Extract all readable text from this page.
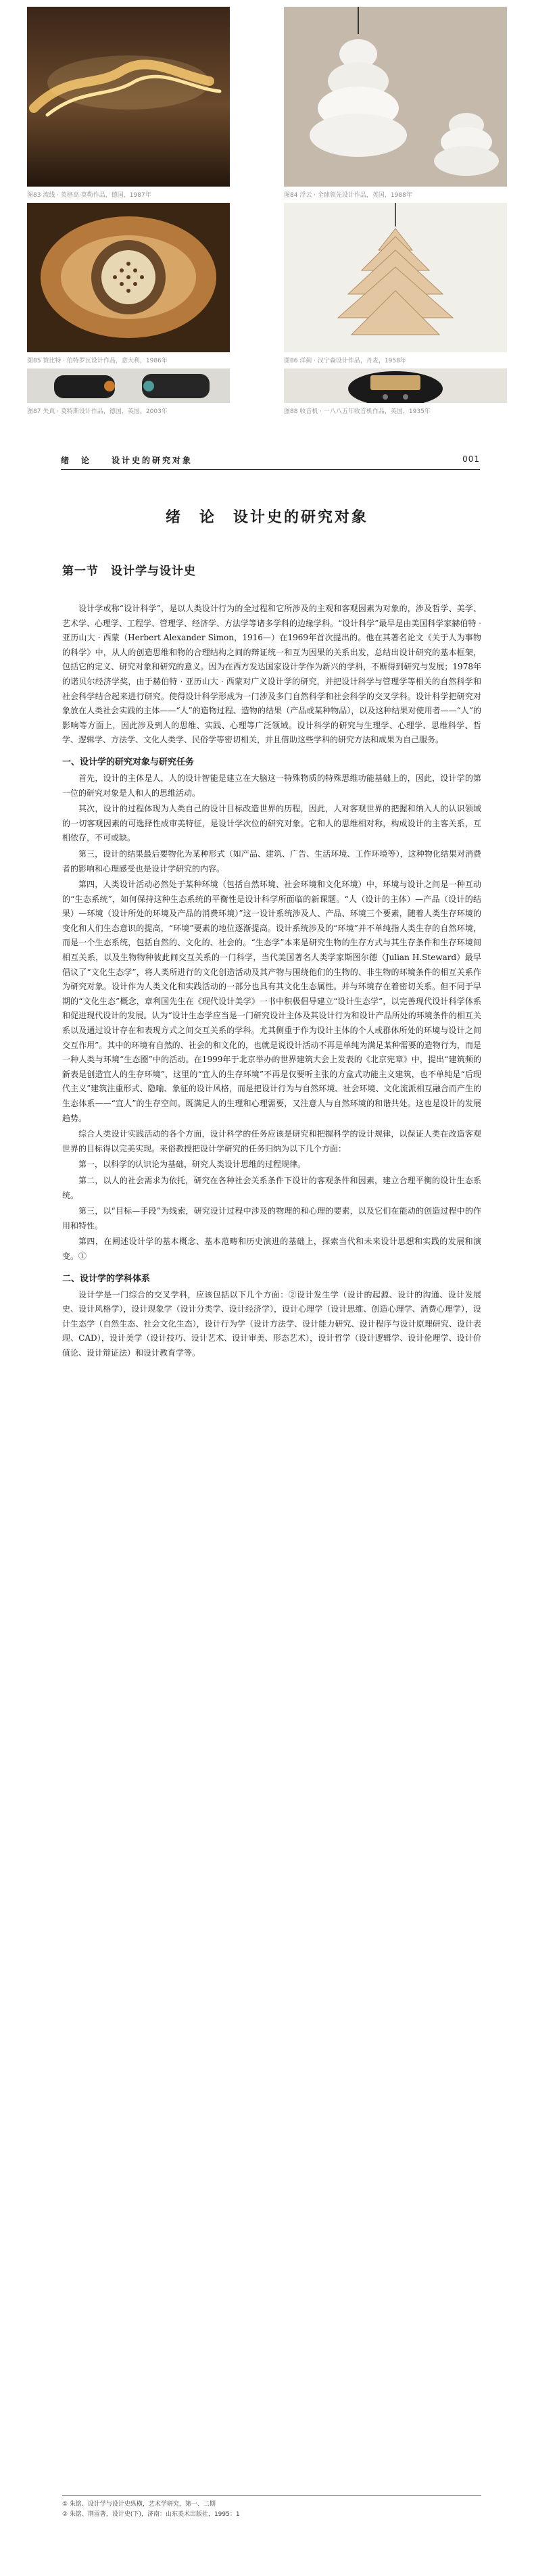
图83 流线 · 英格高·莫勒作品，德国，1987年	图84 浮云 · 全球领先设计作品，英国，1988年
图85 赞比特 · 伯特罗瓦设计作品，意大利，1986年	图86 洋蓟 · 汉宁森设计作品，丹麦，1958年
图87 失真 · 莫特斯设计作品，德国，英国，2003年	图88 收音机 · 一八八五年收音机作品，英国，1935年
绪　论　　设计史的研究对象	001
绪　论　设计史的研究对象
第一节　设计学与设计史

设计学或称“设计科学”，是以人类设计行为的全过程和它所涉及的主观和客观因素为对象的，涉及哲学、美学、艺术学、心理学、工程学、管理学、经济学、方法学等诸多学科的边缘学科。“设计科学”最早是由美国科学家赫伯特 · 亚历山大 · 西蒙（Herbert Alexander Simon，1916—）在1969年首次提出的。他在其著名论文《关于人为事物的科学》中，从人的创造思维和物的合理结构之间的辩证统一和互为因果的关系出发，总结出设计研究的基本框架，包括它的定义、研究对象和研究的意义。因为在西方发达国家设计学作为新兴的学科，不断得到研究与发展；1978年的诺贝尔经济学奖，由于赫伯特 · 亚历山大 · 西蒙对广义设计学的研究，并把设计科学与管理学等相关的自然科学和社会科学结合起来进行研究。使得设计科学形成为一门涉及多门自然科学和社会科学的交叉学科。设计科学把研究对象放在人类社会实践的主体——“人”的造物过程、造物的结果（产品或某种物品），以及这种结果对使用者——“人”的影响等方面上，因此涉及到人的思维、实践、心理等广泛领域。设计科学的研究与生理学、心理学、思维科学、哲学、逻辑学、方法学、文化人类学、民俗学等密切相关，并且借助这些学科的研究方法和成果为自己服务。

一、设计学的研究对象与研究任务

首先，设计的主体是人，人的设计智能是建立在大脑这一特殊物质的特殊思维功能基础上的，因此，设计学的第一位的研究对象是人和人的思维活动。

其次，设计的过程体现为人类自己的设计目标改造世界的历程，因此，人对客观世界的把握和纳入人的认识领域的一切客观因素的可选择性成审美特征，是设计学次位的研究对象。它和人的思维相对称，构成设计的主客关系，互相依存，不可或缺。

第三，设计的结果最后要物化为某种形式（如产品、建筑、广告、生活环境、工作环境等），这种物化结果对消费者的影响和心理感受也是设计学研究的内容。

第四，人类设计活动必然处于某种环境（包括自然环境、社会环境和文化环境）中，环境与设计之间是一种互动的“生态系统”，如何保持这种生态系统的平衡性是设计科学所面临的新课题。“人（设计的主体）—产品（设计的结果）—环境（设计所处的环境及产品的消费环境）”这一设计系统涉及人、产品、环境三个要素，随着人类生存环境的变化和人们生态意识的提高，“环境”要素的地位逐渐提高。设计系统涉及的“环境”并不单纯指人类生存的自然环境，而是一个生态系统，包括自然的、文化的、社会的。“生态学”本来是研究生物的生存方式与其生存条件和生存环境间相互关系，以及生物物种彼此间交互关系的一门科学，当代美国著名人类学家斯图尔德（Julian H.Steward）最早倡议了“文化生态学”，将人类所进行的文化创造活动及其产物与围绕他们的生物的、非生物的环境条件的相互关系作为研究对象。设计作为人类文化和实践活动的一部分也具有其文化生态属性。并与环境存在着密切关系。但不同于早期的“文化生态”概念，章利国先生在《现代设计美学》一书中积极倡导建立“设计生态学”，以完善现代设计科学体系和促进现代设计的发展。认为“设计生态学应当是一门研究设计主体及其设计行为和设计产品所处的环境条件的相互关系以及通过设计存在和表现方式之间交互关系的学科。尤其侧重于作为设计主体的个人或群体所处的环境与设计之间交互作用”。其中的环境有自然的、社会的和文化的，也就是说设计活动不再是单纯为满足某种需要的造物行为，而是一种人类与环境“生态圈”中的活动。在1999年于北京举办的世界建筑大会上发表的《北京宪章》中，提出“建筑频的新表是创造宜人的生存环境”，这里的“宜人的生存环境”不再是仅要听主张的方盒式功能主义建筑，也不单纯是“后现代主义”建筑注重形式、隐喻、象征的设计风格，而是把设计行为与自然环境、社会环境、文化流派相互融合而产生的生态体系——“宜人”的生存空间。既满足人的生理和心理需要，又注意人与自然环境的和谐共处。这也是设计的发展趋势。

综合人类设计实践活动的各个方面，设计科学的任务应该是研究和把握科学的设计规律，以保证人类在改造客观世界的目标得以完美实现。来俗教授把设计学研究的任务归纳为以下几个方面：

第一，以科学的认识论为基础，研究人类设计思维的过程规律。

第二，以人的社会需求为依托，研究在各种社会关系条件下设计的客观条件和因素，建立合理平衡的设计生态系统。

第三，以“目标—手段”为线索，研究设计过程中涉及的物理的和心理的要素，以及它们在能动的创造过程中的作用和特性。

第四，在阐述设计学的基本概念、基本范畴和历史演进的基础上，探索当代和未来设计思想和实践的发展和演变。①

二、设计学的学科体系

设计学是一门综合的交叉学科，应该包括以下几个方面：②设计发生学（设计的起源、设计的沟通、设计发展史、设计风格学），设计现象学（设计分类学、设计经济学），设计心理学（设计思维、创造心理学、消费心理学），设计生态学（自然生态、社会文化生态），设计行为学（设计方法学、设计能力研究、设计程序与设计原理研究、设计表现、CAD），设计美学（设计技巧、设计艺术、设计审美、形态艺术），设计哲学（设计逻辑学、设计伦理学、设计价值论、设计辩证法）和设计教育学等。

① 朱铭、设计学与设计史纵横，艺术学研究，第一、二期
② 朱铭、荆雷著，设计史(下)，济南：山东美术出版社，1995：1
